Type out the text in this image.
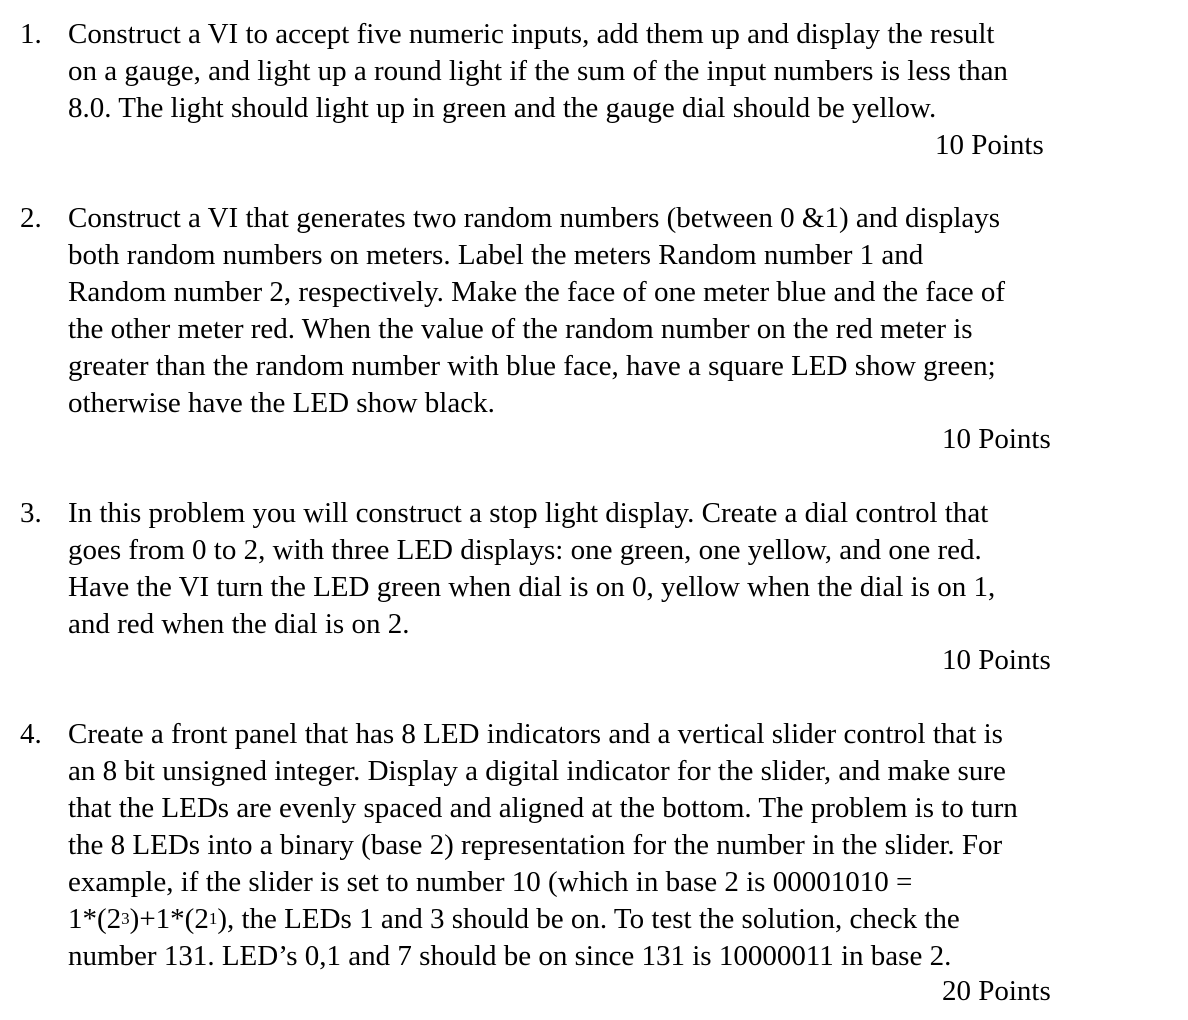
1. Construct a VI to accept five numeric inputs, add them up and display the result
on a gauge, and light up a round light if the sum of the input numbers is less than
8.0. The light should light up in green and the gauge dial should be yellow.
10 Points
2. Construct a VI that generates two random numbers (between 0 &1) and displays
both random numbers on meters. Label the meters Random number 1 and
Random number 2, respectively. Make the face of one meter blue and the face of
the other meter red. When the value of the random number on the red meter is
greater than the random number with blue face, have a square LED show green;
otherwise have the LED show black.
10 Points
3. In this problem you will construct a stop light display. Create a dial control that
goes from 0 to 2, with three LED displays: one green, one yellow, and one red.
Have the VI turn the LED green when dial is on 0, yellow when the dial is on 1,
and red when the dial is on 2.
10 Points
4. Create a front panel that has 8 LED indicators and a vertical slider control that is
an 8 bit unsigned integer. Display a digital indicator for the slider, and make sure
that the LEDs are evenly spaced and aligned at the bottom. The problem is to turn
the 8 LEDs into a binary (base 2) representation for the number in the slider. For
example, if the slider is set to number 10 (which in base 2 is 00001010 =
$1*(2^3)+1*(2^1)$, the LEDs 1 and 3 should be on. To test the solution, check the
number 131. LED’s 0,1 and 7 should be on since 131 is 10000011 in base 2.
20 Points
